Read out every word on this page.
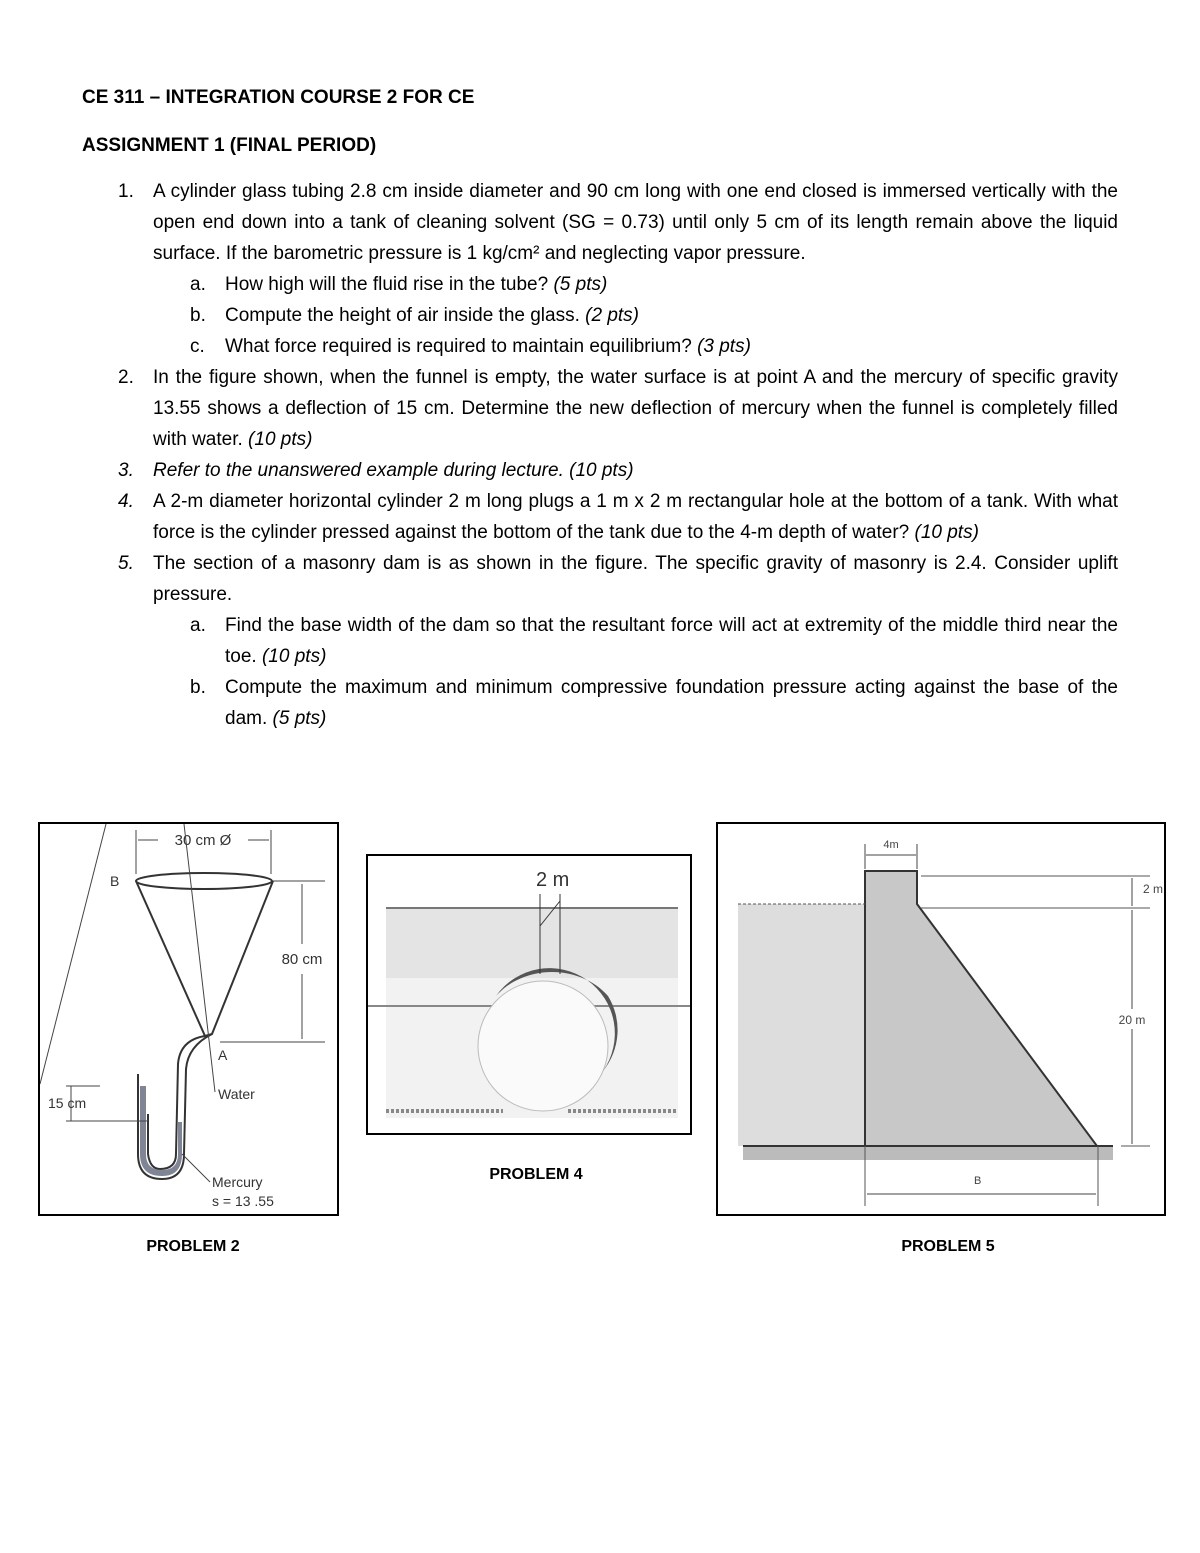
CE 311 – INTEGRATION COURSE 2 FOR CE
ASSIGNMENT 1 (FINAL PERIOD)
1. A cylinder glass tubing 2.8 cm inside diameter and 90 cm long with one end closed is immersed vertically with the open end down into a tank of cleaning solvent (SG = 0.73) until only 5 cm of its length remain above the liquid surface. If the barometric pressure is 1 kg/cm² and neglecting vapor pressure.
a. How high will the fluid rise in the tube? (5 pts)
b. Compute the height of air inside the glass. (2 pts)
c. What force required is required to maintain equilibrium? (3 pts)
2. In the figure shown, when the funnel is empty, the water surface is at point A and the mercury of specific gravity 13.55 shows a deflection of 15 cm. Determine the new deflection of mercury when the funnel is completely filled with water. (10 pts)
3. Refer to the unanswered example during lecture. (10 pts)
4. A 2-m diameter horizontal cylinder 2 m long plugs a 1 m x 2 m rectangular hole at the bottom of a tank. With what force is the cylinder pressed against the bottom of the tank due to the 4-m depth of water? (10 pts)
5. The section of a masonry dam is as shown in the figure. The specific gravity of masonry is 2.4. Consider uplift pressure.
a. Find the base width of the dam so that the resultant force will act at extremity of the middle third near the toe. (10 pts)
b. Compute the maximum and minimum compressive foundation pressure acting against the base of the dam. (5 pts)
30 cm Ø
B
80 cm
A
Water
15 cm
Mercury
s = 13 .55
PROBLEM 2
2 m
PROBLEM 4
4m
2 m
20 m
B
PROBLEM 5
